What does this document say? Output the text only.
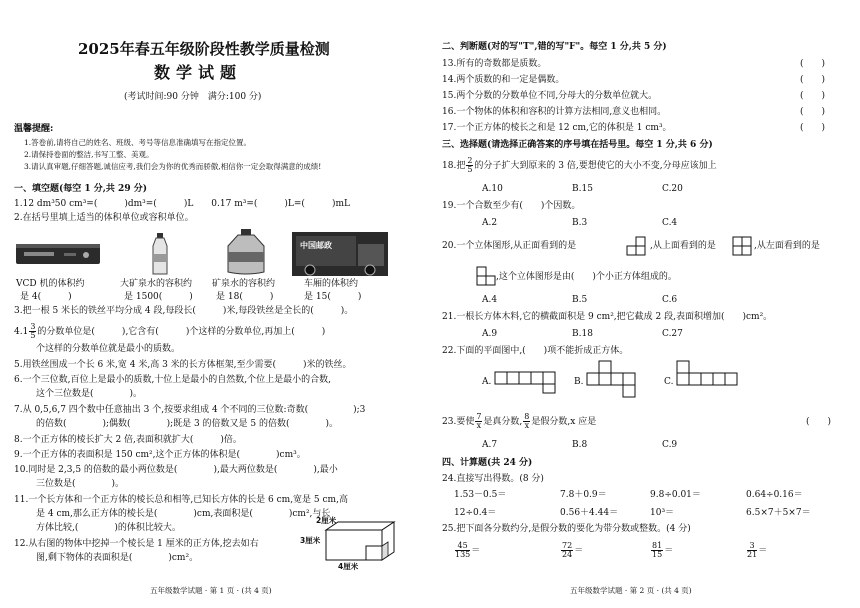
2025年春五年级阶段性教学质量检测
数学试题
(考试时间:90 分钟　满分:100 分)
温馨提醒:
1.答卷前,请将自己的姓名、班级、考号等信息准确填写在指定位置。
2.请保持卷面的整洁,书写工整、美观。
3.请认真审题,仔细答题,诚信应考,我们会为你的优秀而骄傲,相信你一定会取得满意的成绩!
一、填空题(每空 1 分,共 29 分)
1.12 dm³50 cm³=(　　　)dm³=(　　　)L　　0.17 m³=(　　　)L=(　　　)mL
2.在括号里填上适当的体积单位或容积单位。
中国邮政
VCD 机的体积约
是 4(　　　)
大矿泉水的容积约
是 1500(　　　)
矿泉水的容积约
是 18(　　　)
车厢的体积约
是 15(　　　)
3.把一根 5 米长的铁丝平均分成 4 段,每段长(　　　)米,每段铁丝是全长的(　　　)。
$4.1 \frac{3}{5}$ 的分数单位是(　　　),它含有(　　　)个这样的分数单位,再加上(　　　)
个这样的分数单位就是最小的质数。
5.用铁丝围成一个长 6 米,宽 4 米,高 3 米的长方体框架,至少需要(　　　)米的铁丝。
6.一个三位数,百位上是最小的质数,十位上是最小的自然数,个位上是最小的合数,
这个三位数是(　　　　)。
7.从 0,5,6,7 四个数中任意抽出 3 个,按要求组成 4 个不同的三位数:奇数(　　　　　);3
的倍数(　　　　);偶数(　　　　);既是 3 的倍数又是 5 的倍数(　　　　)。
8.一个正方体的棱长扩大 2 倍,表面积就扩大(　　　)倍。
9.一个正方体的表面积是 150 cm²,这个正方体的体积是(　　　　)cm³。
10.同时是 2,3,5 的倍数的最小两位数是(　　　　),最大两位数是(　　　　),最小
三位数是(　　　　)。
11.一个长方体和一个正方体的棱长总和相等,已知长方体的长是 6 cm,宽是 5 cm,高
是 4 cm,那么正方体的棱长是(　　　　)cm,表面积是(　　　　)cm²,与长
方体比较,(　　　　)的体积比较大。
12.从右图的物体中挖掉一个棱长是 1 厘米的正方体,挖去如右
图,剩下物体的表面积是(　　　　)cm²。
2厘米
3厘米
4厘米
五年级数学试题 · 第 1 页 · (共 4 页)
二、判断题(对的写"T",错的写"F"。每空 1 分,共 5 分)
13.所有的奇数都是质数。	(　　)
14.两个质数的和一定是偶数。	(　　)
15.两个分数的分数单位不同,分母大的分数单位就大。	(　　)
16.一个物体的体积和容积的计算方法相同,意义也相同。	(　　)
17.一个正方体的棱长之和是 12 cm,它的体积是 1 cm³。	(　　)
三、选择题(请选择正确答案的序号填在括号里。每空 1 分,共 6 分)
18.把 $\frac{2}{5}$ 的分子扩大到原来的 3 倍,要想使它的大小不变,分母应该加上
A.10	B.15	C.20
19.一个合数至少有(　　)个因数。
A.2	B.3	C.4
20.一个立体图形,从正面看到的是	,从上面看到的是	,从左面看到的是
,这个立体图形是由(　　)个小正方体组成的。
A.4	B.5	C.6
21.一根长方体木料,它的横截面积是 9 cm²,把它截成 2 段,表面积增加(　　)cm²。
A.9	B.18	C.27
22.下面的平面图中,(　　)项不能折成正方体。
A.	B.	C.
23.要使 $\frac{7}{x}$ 是真分数, $\frac{8}{x}$ 是假分数,x 应是	(　　)
A.7	B.8	C.9
四、计算题(共 24 分)
24.直接写出得数。(8 分)
1.53－0.5＝	7.8＋0.9＝	9.8÷0.01＝	0.64÷0.16＝
12÷0.4＝	0.56＋4.44＝	10³＝	6.5×7＋5×7＝
25.把下面各分数约分,是假分数的要化为带分数或整数。(4 分)
$\frac{45}{135}$ ＝	$\frac{72}{24}$ ＝	$\frac{81}{15}$ ＝	$\frac{3}{21}$ ＝
五年级数学试题 · 第 2 页 · (共 4 页)
